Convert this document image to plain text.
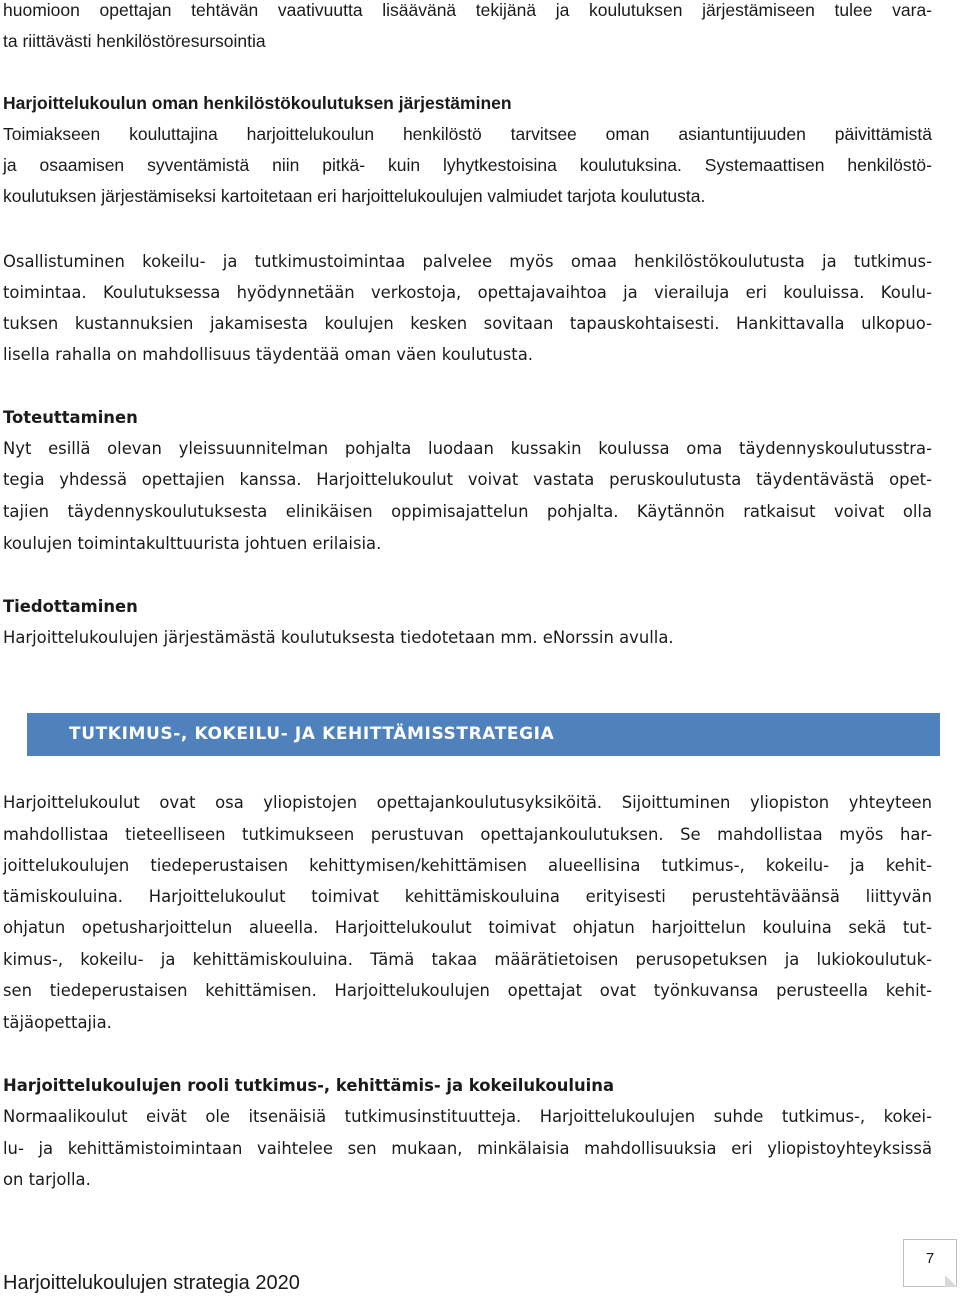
huomioon opettajan tehtävän vaativuutta lisäävänä tekijänä ja koulutuksen järjestämiseen tulee vara-
ta riittävästi henkilöstöresursointia
Harjoittelukoulun oman henkilöstökoulutuksen järjestäminen
Toimiakseen kouluttajina harjoittelukoulun henkilöstö tarvitsee oman asiantuntijuuden päivittämistä
ja osaamisen syventämistä niin pitkä- kuin lyhytkestoisina koulutuksina. Systemaattisen henkilöstö-
koulutuksen järjestämiseksi kartoitetaan eri harjoittelukoulujen valmiudet tarjota koulutusta.
Osallistuminen kokeilu- ja tutkimustoimintaa palvelee myös omaa henkilöstökoulutusta ja tutkimus-
toimintaa. Koulutuksessa hyödynnetään verkostoja, opettajavaihtoa ja vierailuja eri kouluissa. Koulu-
tuksen kustannuksien jakamisesta koulujen kesken sovitaan tapauskohtaisesti. Hankittavalla ulkopuo-
lisella rahalla on mahdollisuus täydentää oman väen koulutusta.
Toteuttaminen
Nyt esillä olevan yleissuunnitelman pohjalta luodaan kussakin koulussa oma täydennyskoulutusstra-
tegia yhdessä opettajien kanssa. Harjoittelukoulut voivat vastata peruskoulutusta täydentävästä opet-
tajien täydennyskoulutuksesta elinikäisen oppimisajattelun pohjalta. Käytännön ratkaisut voivat olla
koulujen toimintakulttuurista johtuen erilaisia.
Tiedottaminen
Harjoittelukoulujen järjestämästä koulutuksesta tiedotetaan mm. eNorssin avulla.
TUTKIMUS-, KOKEILU- JA KEHITTÄMISSTRATEGIA
Harjoittelukoulut ovat osa yliopistojen opettajankoulutusyksiköitä. Sijoittuminen yliopiston yhteyteen
mahdollistaa tieteelliseen tutkimukseen perustuvan opettajankoulutuksen. Se mahdollistaa myös har-
joittelukoulujen tiedeperustaisen kehittymisen/kehittämisen alueellisina tutkimus-, kokeilu- ja kehit-
tämiskouluina. Harjoittelukoulut toimivat kehittämiskouluina erityisesti perustehtäväänsä liittyvän
ohjatun opetusharjoittelun alueella. Harjoittelukoulut toimivat ohjatun harjoittelun kouluina sekä tut-
kimus-, kokeilu- ja kehittämiskouluina. Tämä takaa määrätietoisen perusopetuksen ja lukiokoulutuk-
sen tiedeperustaisen kehittämisen. Harjoittelukoulujen opettajat ovat työnkuvansa perusteella kehit-
täjäopettajia.
Harjoittelukoulujen rooli tutkimus-, kehittämis- ja kokeilukouluina
Normaalikoulut eivät ole itsenäisiä tutkimusinstituutteja. Harjoittelukoulujen suhde tutkimus-, kokei-
lu- ja kehittämistoimintaan vaihtelee sen mukaan, minkälaisia mahdollisuuksia eri yliopistoyhteyksissä
on tarjolla.
Harjoittelukoulujen strategia 2020
7
